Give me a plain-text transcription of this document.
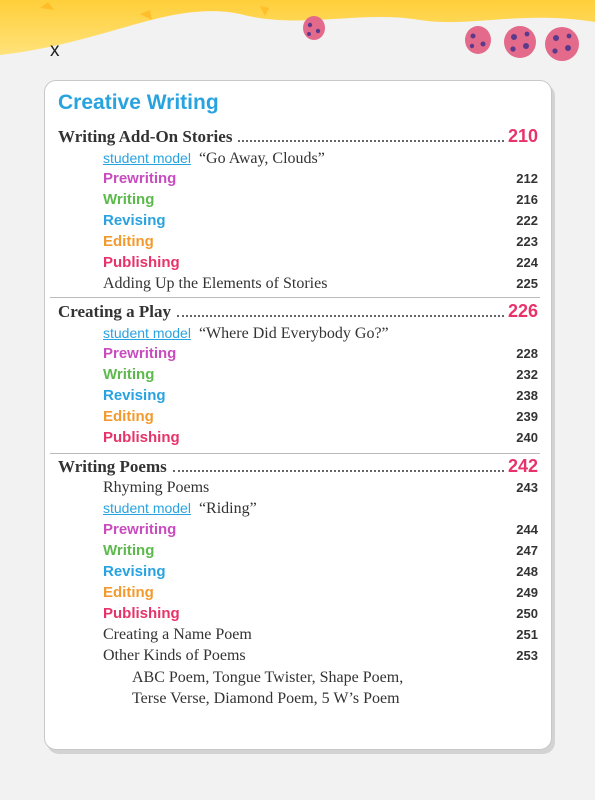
x
Creative Writing
Writing Add-On Stories	210
student model “Go Away, Clouds”
Prewriting	212
Writing	216
Revising	222
Editing	223
Publishing	224
Adding Up the Elements of Stories	225
Creating a Play	226
student model “Where Did Everybody Go?”
Prewriting	228
Writing	232
Revising	238
Editing	239
Publishing	240
Writing Poems	242
Rhyming Poems	243
student model “Riding”
Prewriting	244
Writing	247
Revising	248
Editing	249
Publishing	250
Creating a Name Poem	251
Other Kinds of Poems	253
ABC Poem, Tongue Twister, Shape Poem,
Terse Verse, Diamond Poem, 5 W’s Poem
